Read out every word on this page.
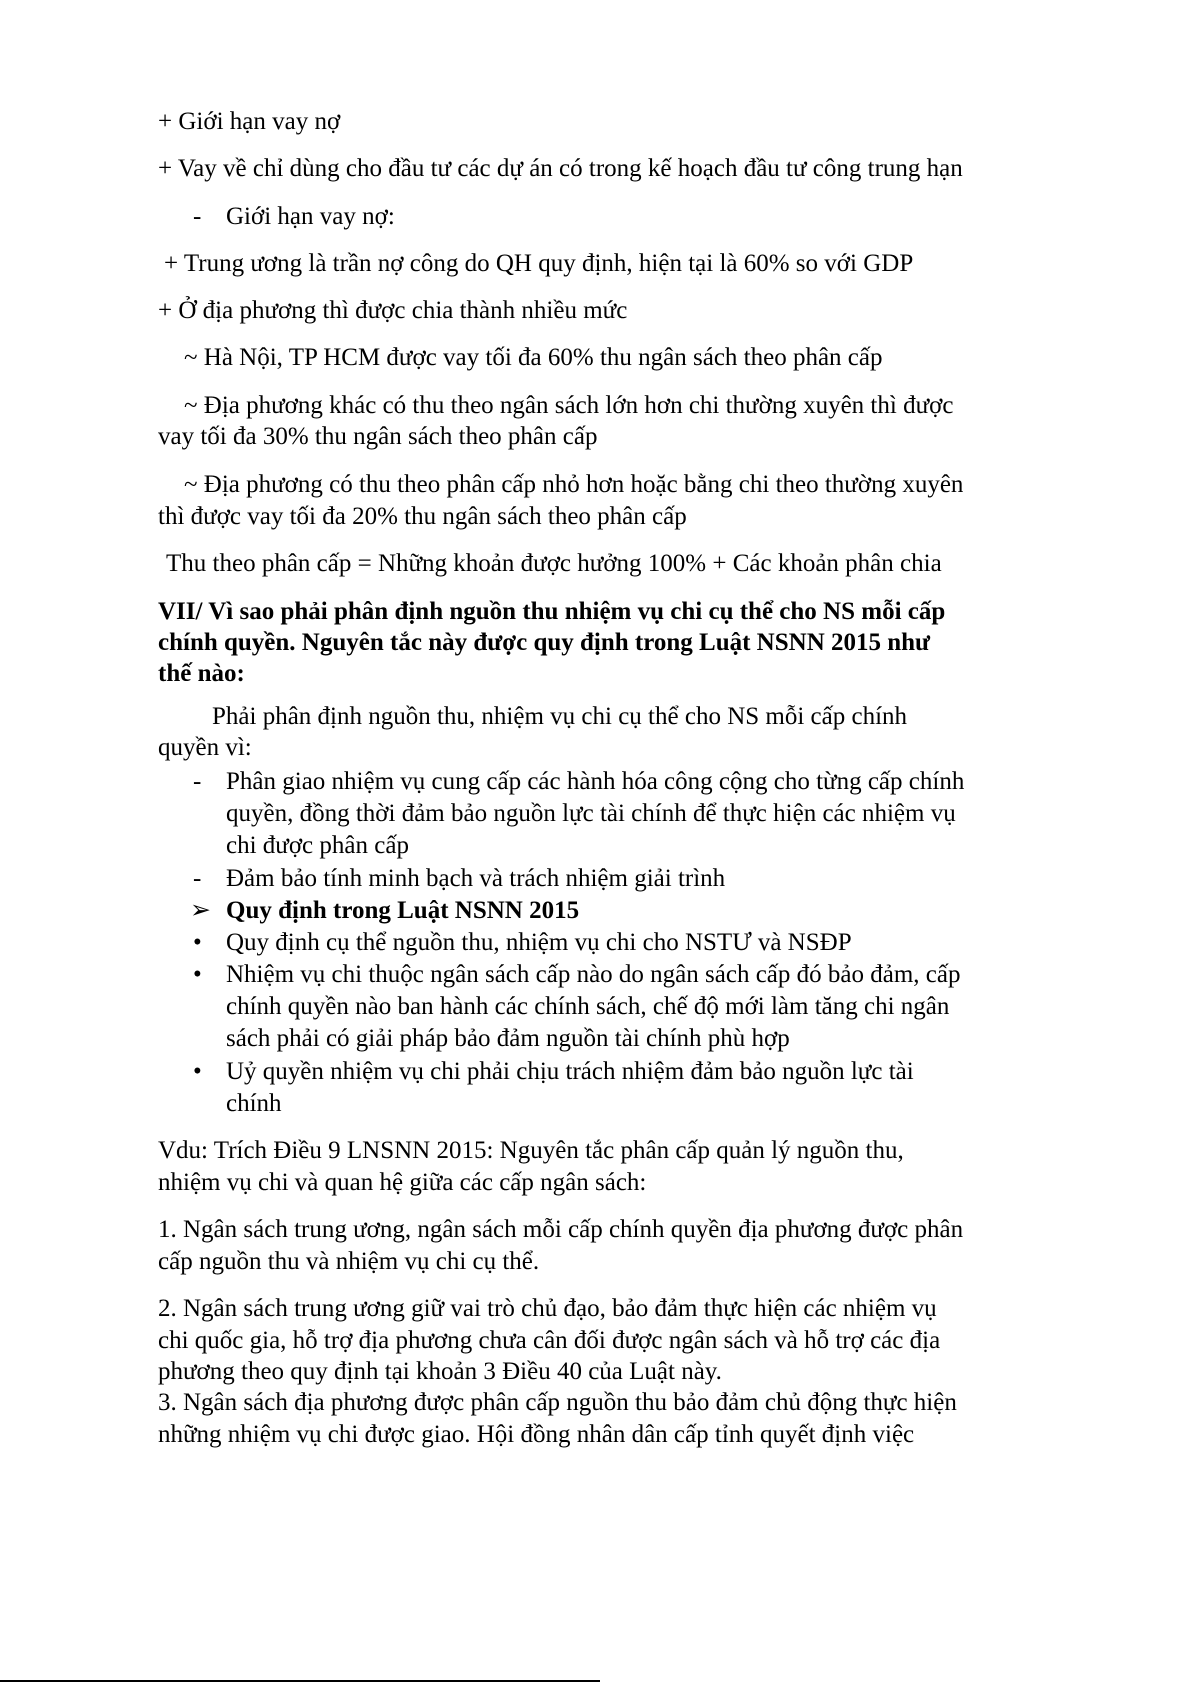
+ Giới hạn vay nợ
+ Vay về chỉ dùng cho đầu tư các dự án có trong kế hoạch đầu tư công trung hạn
- Giới hạn vay nợ:
+ Trung ương là trần nợ công do QH quy định, hiện tại là 60% so với GDP
+ Ở địa phương thì được chia thành nhiều mức
~ Hà Nội, TP HCM được vay tối đa 60% thu ngân sách theo phân cấp
~ Địa phương khác có thu theo ngân sách lớn hơn chi thường xuyên thì được
vay tối đa 30% thu ngân sách theo phân cấp
~ Địa phương có thu theo phân cấp nhỏ hơn hoặc bằng chi theo thường xuyên
thì được vay tối đa 20% thu ngân sách theo phân cấp
Thu theo phân cấp = Những khoản được hưởng 100% + Các khoản phân chia
VII/ Vì sao phải phân định nguồn thu nhiệm vụ chi cụ thể cho NS mỗi cấp
chính quyền. Nguyên tắc này được quy định trong Luật NSNN 2015 như
thế nào:
Phải phân định nguồn thu, nhiệm vụ chi cụ thể cho NS mỗi cấp chính
quyền vì:
- Phân giao nhiệm vụ cung cấp các hành hóa công cộng cho từng cấp chính
quyền, đồng thời đảm bảo nguồn lực tài chính để thực hiện các nhiệm vụ
chi được phân cấp
- Đảm bảo tính minh bạch và trách nhiệm giải trình
➢ Quy định trong Luật NSNN 2015
• Quy định cụ thể nguồn thu, nhiệm vụ chi cho NSTƯ và NSĐP
• Nhiệm vụ chi thuộc ngân sách cấp nào do ngân sách cấp đó bảo đảm, cấp
chính quyền nào ban hành các chính sách, chế độ mới làm tăng chi ngân
sách phải có giải pháp bảo đảm nguồn tài chính phù hợp
• Uỷ quyền nhiệm vụ chi phải chịu trách nhiệm đảm bảo nguồn lực tài
chính
Vdu: Trích Điều 9 LNSNN 2015: Nguyên tắc phân cấp quản lý nguồn thu,
nhiệm vụ chi và quan hệ giữa các cấp ngân sách:
1. Ngân sách trung ương, ngân sách mỗi cấp chính quyền địa phương được phân
cấp nguồn thu và nhiệm vụ chi cụ thể.
2. Ngân sách trung ương giữ vai trò chủ đạo, bảo đảm thực hiện các nhiệm vụ
chi quốc gia, hỗ trợ địa phương chưa cân đối được ngân sách và hỗ trợ các địa
phương theo quy định tại khoản 3 Điều 40 của Luật này.
3. Ngân sách địa phương được phân cấp nguồn thu bảo đảm chủ động thực hiện
những nhiệm vụ chi được giao. Hội đồng nhân dân cấp tỉnh quyết định việc
